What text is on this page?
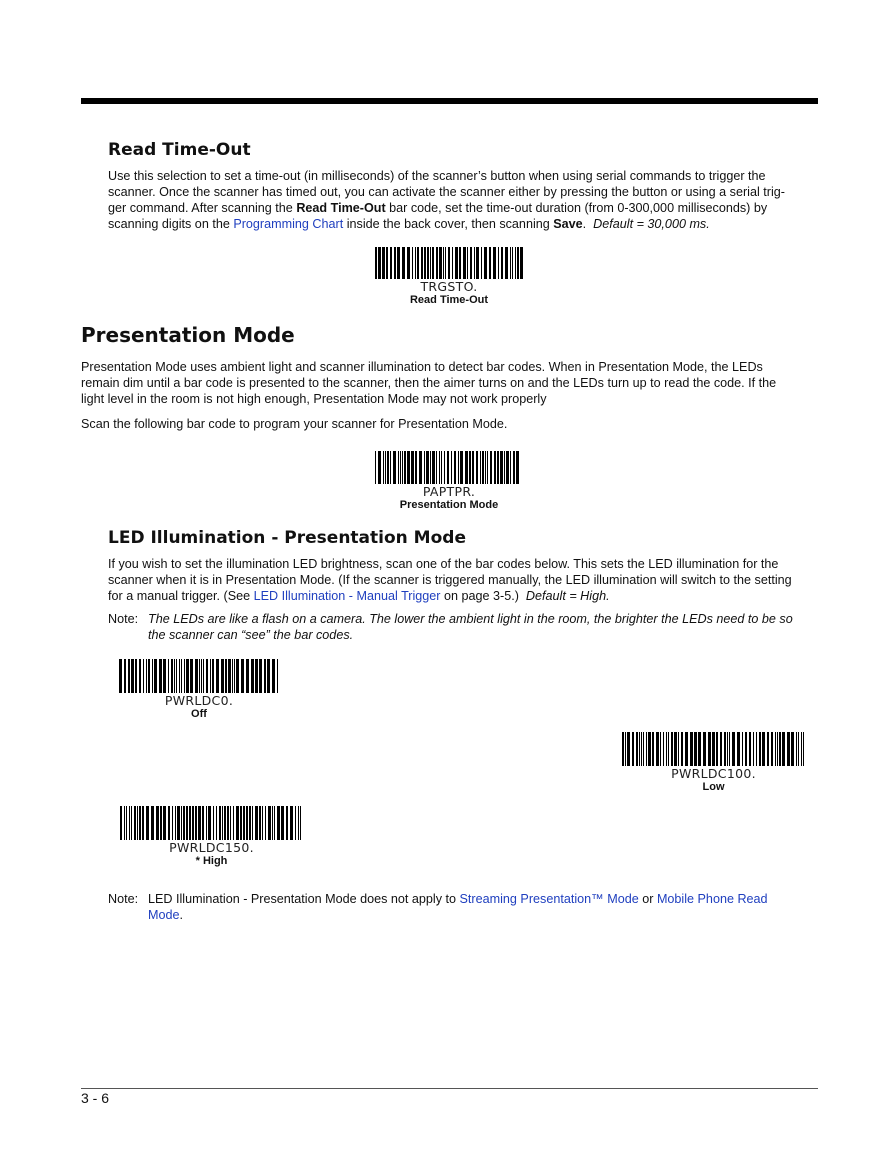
Read Time-Out
Use this selection to set a time-out (in milliseconds) of the scanner’s button when using serial commands to trigger the
scanner. Once the scanner has timed out, you can activate the scanner either by pressing the button or using a serial trig-
ger command. After scanning the Read Time-Out bar code, set the time-out duration (from 0-300,000 milliseconds) by
scanning digits on the Programming Chart inside the back cover, then scanning Save. Default = 30,000 ms.
TRGSTO.
Read Time-Out
Presentation Mode
Presentation Mode uses ambient light and scanner illumination to detect bar codes. When in Presentation Mode, the LEDs
remain dim until a bar code is presented to the scanner, then the aimer turns on and the LEDs turn up to read the code. If the
light level in the room is not high enough, Presentation Mode may not work properly
Scan the following bar code to program your scanner for Presentation Mode.
PAPTPR.
Presentation Mode
LED Illumination - Presentation Mode
If you wish to set the illumination LED brightness, scan one of the bar codes below. This sets the LED illumination for the
scanner when it is in Presentation Mode. (If the scanner is triggered manually, the LED illumination will switch to the setting
for a manual trigger. (See LED Illumination - Manual Trigger on page 3-5.) Default = High.
Note: The LEDs are like a flash on a camera. The lower the ambient light in the room, the brighter the LEDs need to be so
the scanner can “see” the bar codes.
PWRLDC0.
Off
PWRLDC100.
Low
PWRLDC150.
* High
Note: LED Illumination - Presentation Mode does not apply to Streaming Presentation™ Mode or Mobile Phone Read
Mode.
3 - 6
